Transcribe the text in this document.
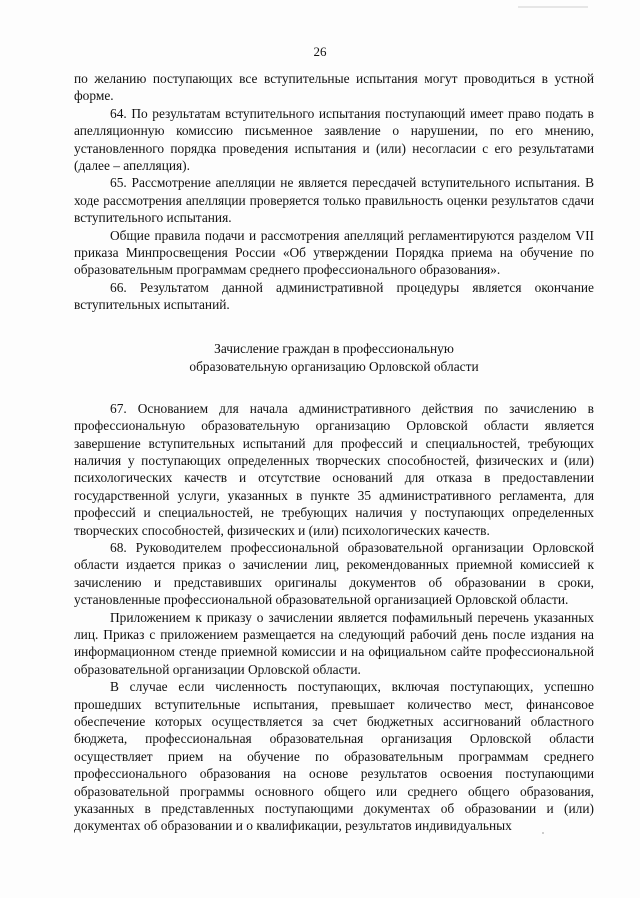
26

по желанию поступающих все вступительные испытания могут проводиться в устной форме.

64. По результатам вступительного испытания поступающий имеет право подать в апелляционную комиссию письменное заявление о нарушении, по его мнению, установленного порядка проведения испытания и (или) несогласии с его результатами (далее – апелляция).

65. Рассмотрение апелляции не является пересдачей вступительного испытания. В ходе рассмотрения апелляции проверяется только правильность оценки результатов сдачи вступительного испытания.

Общие правила подачи и рассмотрения апелляций регламентируются разделом VII приказа Минпросвещения России «Об утверждении Порядка приема на обучение по образовательным программам среднего профессионального образования».

66. Результатом данной административной процедуры является окончание вступительных испытаний.

Зачисление граждан в профессиональную
образовательную организацию Орловской области

67. Основанием для начала административного действия по зачислению в профессиональную образовательную организацию Орловской области является завершение вступительных испытаний для профессий и специальностей, требующих наличия у поступающих определенных творческих способностей, физических и (или) психологических качеств и отсутствие оснований для отказа в предоставлении государственной услуги, указанных в пункте 35 административного регламента, для профессий и специальностей, не требующих наличия у поступающих определенных творческих способностей, физических и (или) психологических качеств.

68. Руководителем профессиональной образовательной организации Орловской области издается приказ о зачислении лиц, рекомендованных приемной комиссией к зачислению и представивших оригиналы документов об образовании в сроки, установленные профессиональной образовательной организацией Орловской области.

Приложением к приказу о зачислении является пофамильный перечень указанных лиц. Приказ с приложением размещается на следующий рабочий день после издания на информационном стенде приемной комиссии и на официальном сайте профессиональной образовательной организации Орловской области.

В случае если численность поступающих, включая поступающих, успешно прошедших вступительные испытания, превышает количество мест, финансовое обеспечение которых осуществляется за счет бюджетных ассигнований областного бюджета, профессиональная образовательная организация Орловской области осуществляет прием на обучение по образовательным программам среднего профессионального образования на основе результатов освоения поступающими образовательной программы основного общего или среднего общего образования, указанных в представленных поступающими документах об образовании и (или) документах об образовании и о квалификации, результатов индивидуальных
